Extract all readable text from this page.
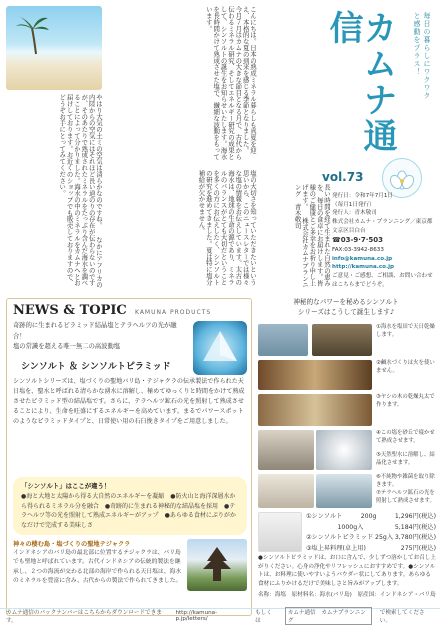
やはり大気の土ミの空気は清らかなのですね。 なかにアフリカの内陸からの空気にはそれほど長い道のりの存在が伝わらないのですが、そのあたりで熟成されたミネラルをたっぷり含んだ海水を調べることによって分かりました。海水の中のミネラルをカムナへとお届けしております。お近くのショップでも販売しておりますので、どうぞお手にとってみてください。	こんにちは。日本の熟成ミネラル暮らしも真夏を迎え、本格的な夏の到来を感じる季節となりました。 今月７月はカムナの大きな節目となる月で、古代から伝わるミネラル研究、そしてエネルギー研究の成果として、シンソルトの誕生をお知らせいたします。海水を長時間かけて熟成させた塩で、繊細な波動をもっています。
塩の大切さを知っていただきたいという思いから、このニュースレターでは様々な塩の情報をお伝えしています。太古の海水は、地球の生命の源であり、ミネラルのバランスがとても大切だということを多くの方にお伝えしたく、シンソルトの研究を進めてきました。夏は特に塩分補給が欠かせません。	長い時間を経て生まれた自然の恵みを、毎日の食卓にお届けします。皆様のご健康とご多幸をお祈り申し上げます。 株式会社カムナプランニング　青木敬司
毎日の暮らしにワクワクと感動をプラス！
カムナ通信
vol.73
発行日：令和7年7月1日
（毎月1日発行）
発行人：青木敬司
株式会社カムナ・プランニング／東京都文京区目白台
☎03-9·7·503
FAX:03-3942-8633
info@kamuna.co.jp
http://kamuna.co.jp
ご意見・ご感想、ご相談、お問い合わせはこちらまでどうぞ。
NEWS & TOPIC KAMUNA PRODUCTS
奇跡的に生まれるピラミッド結晶塩とテラヘルツの光が融合！
塩の常識を超える唯一無二の高波動塩
シンソルト ＆ シンソルトピラミッド
シンソルトシリーズは、塩づくりの聖地バリ島・テジャクラの伝承製法で作られた天日塩を、聖水と呼ばれる清らかな湧水に溶解し、極めてゆっくりと時間をかけて熟成させたピラミッド型の結晶塩です。さらに、テラヘルツ鉱石の光を照射して熟成させることにより、生命を旺盛にするエネルギーを高めています。まるでパワースポットのようなピラミッドタイプと、日常使い用の石臼挽きタイプをご用意しました。
「シンソルト」はここが違う！
●海と大地と太陽から得る大自然のエネルギーを凝縮　●防火山と海洋深層水から得られるミネラル分を融合　●奇跡的に生まれる神秘的な結晶塩を採用　●テラヘルツ等の光を照射して熟成エネルギーがアップ　●あらゆる食材にぷりがかなだけで完成する美味しさ
神々の棲む島・塩づくりの聖地テジャクラ
インドネシアのバリ島の最北部に位置するテジャクラは、バリ島でも聖地と呼ばれています。古代インドネシアの伝統的製法を継承し、２つの海流が交わる北部の海岸で作られる天日塩は、海水のミネラルを豊富に含み、古代からの製法で作られてきました。
神秘的なパワーを秘めるシンソルト
シリーズはこうして誕生します♪
①海水を塩田で天日乾燥します。
②鹹水づくりは火を使いません。
③ヤシの木の乾燥丸太で作ります。
④この塩を砂丘で寝かせて熟成させます。
⑤天然聖水に溶解し、結晶化させます。
⑥不純物や雑菌を取り除きます。
⑦テラヘルツ鉱石の光を照射して熟成させます。
①シンソルト	200g	1,296円(税込)
1000g入	5,184円(税込)
②シンソルトピラミッド 25g入 3,780円(税込)
③塩上昇料理(卓上用)	275円(税込)
●シンソルトピラミッドは、お口に含んで、少しずつ溶かしてお召し上がりください。心身の浄化やリフレッシュにおすすめです。●シンソルトは、お料理に使いやすいようパウダー状にしてあります。あらゆる食材にふりかけるだけで美味しさと旨みがアップします。
名称：海塩　原材料名：海水(バリ島)　原産国：インドネシア・バリ島
カムナ通信のバックナンバーはこちらからダウンロードできます。
http://kamuna-p.jp/letters/
もしくは
カムナ通信　カムナプランニング
で検索してください。
